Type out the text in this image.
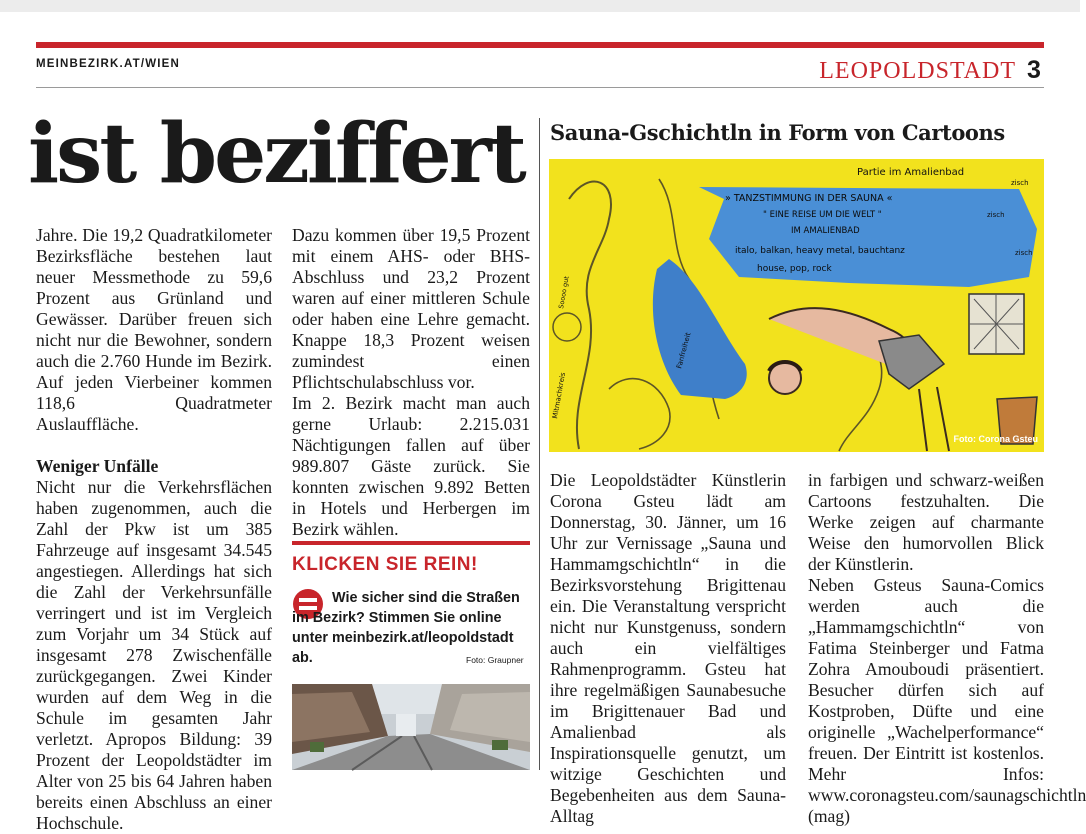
MEINBEZIRK.AT/WIEN	LEOPOLDSTADT 3
ist beziffert

Jahre. Die 19,2 Quadratkilometer Bezirksfläche bestehen laut neuer Messmethode zu 59,6 Prozent aus Grünland und Gewässer. Darüber freuen sich nicht nur die Bewohner, sondern auch die 2.760 Hunde im Bezirk. Auf jeden Vierbeiner kommen 118,6 Quadratmeter Auslauffläche.

Weniger Unfälle

Nicht nur die Verkehrsflächen haben zugenommen, auch die Zahl der Pkw ist um 385 Fahrzeuge auf insgesamt 34.545 angestiegen. Allerdings hat sich die Zahl der Verkehrsunfälle verringert und ist im Vergleich zum Vorjahr um 34 Stück auf insgesamt 278 Zwischenfälle zurückgegangen. Zwei Kinder wurden auf dem Weg in die Schule im gesamten Jahr verletzt. Apropos Bildung: 39 Prozent der Leopoldstädter im Alter von 25 bis 64 Jahren haben bereits einen Abschluss an einer Hochschule.

Dazu kommen über 19,5 Prozent mit einem AHS- oder BHS-Abschluss und 23,2 Prozent waren auf einer mittleren Schule oder haben eine Lehre gemacht. Knappe 18,3 Prozent weisen zumindest einen Pflichtschulabschluss vor.

Im 2. Bezirk macht man auch gerne Urlaub: 2.215.031 Nächtigungen fallen auf über 989.807 Gäste zurück. Sie konnten zwischen 9.892 Betten in Hotels und Herbergen im Bezirk wählen.

KLICKEN SIE REIN!
Wie sicher sind die Straßen im Bezirk? Stimmen Sie online unter meinbezirk.at/leopoldstadt ab.	Foto: Graupner
Sauna-Gschichtln in Form von Cartoons
Partie im Amalienbad
» TANZSTIMMUNG IN DER SAUNA «
" EINE REISE UM DIE WELT "
IM AMALIENBAD
italo, balkan, heavy metal, bauchtanz
house, pop, rock
zisch
zisch
zisch
Soooo gut
Mitmachkreis
Fanfreiheit
Foto: Corona Gsteu

Die Leopoldstädter Künstlerin Corona Gsteu lädt am Donnerstag, 30. Jänner, um 16 Uhr zur Vernissage „Sauna und Hammamgschichtln“ in die Bezirksvorstehung Brigittenau ein. Die Veranstaltung verspricht nicht nur Kunstgenuss, sondern auch ein vielfältiges Rahmenprogramm. Gsteu hat ihre regelmäßigen Saunabesuche im Brigittenauer Bad und Amalienbad als Inspirationsquelle genutzt, um witzige Geschichten und Begebenheiten aus dem Sauna-Alltag

in farbigen und schwarz-weißen Cartoons festzuhalten. Die Werke zeigen auf charmante Weise den humorvollen Blick der Künstlerin.

Neben Gsteus Sauna-Comics werden auch die „Hammamgschichtln“ von Fatima Steinberger und Fatma Zohra Amouboudi präsentiert. Besucher dürfen sich auf Kostproben, Düfte und eine originelle „Wachelperformance“ freuen. Der Eintritt ist kostenlos. Mehr Infos: www.coronagsteu.com/saunagschichtln (mag)
